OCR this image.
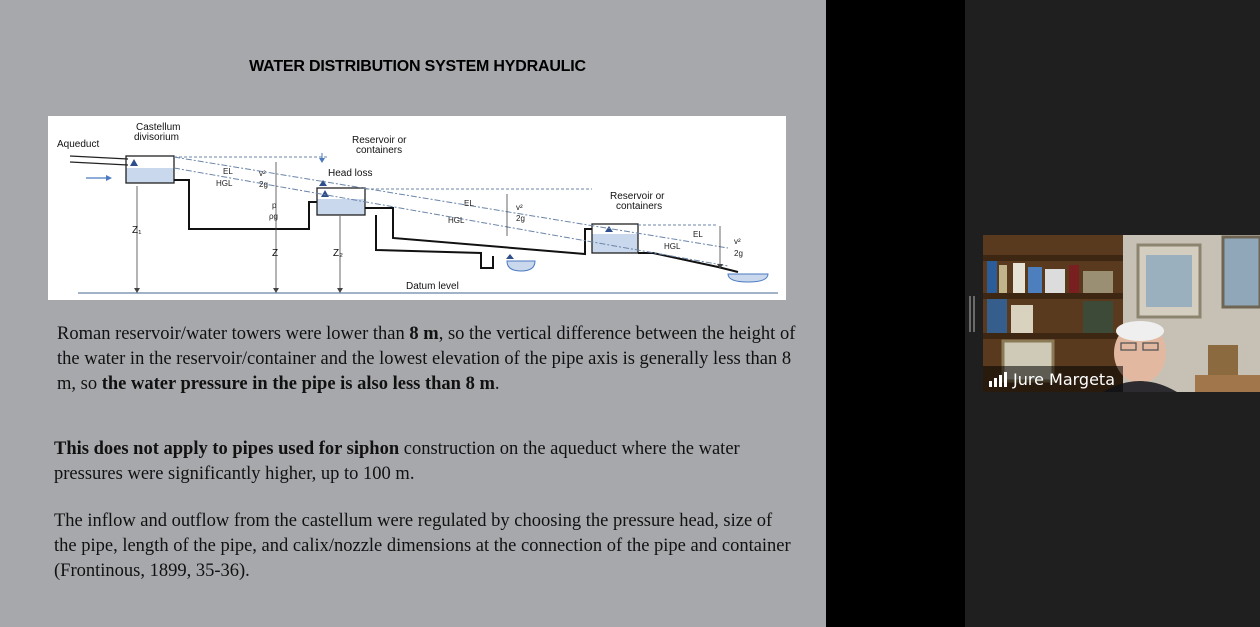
WATER DISTRIBUTION SYSTEM HYDRAULIC
Datum level
Aqueduct
Castellum
divisorium	Reservoir or
containers
Head loss
Reservoir or
containers
EL
HGL
EL
HGL
EL
HGL
v²
2g
v²
2g
v²
2g
p
ρg
Z₁
Z	Z₂
Roman reservoir/water towers were lower than 8 m, so the vertical difference between the height of the water in the reservoir/container and the lowest elevation of the pipe axis is generally less than 8 m, so the water pressure in the pipe is also less than 8 m.
This does not apply to pipes used for siphon construction on the aqueduct where the water pressures were significantly higher, up to 100 m.
The inflow and outflow from the castellum were regulated by choosing the pressure head, size of the pipe, length of the pipe, and calix/nozzle dimensions at the connection of the pipe and container (Frontinous, 1899, 35-36).
Jure Margeta
